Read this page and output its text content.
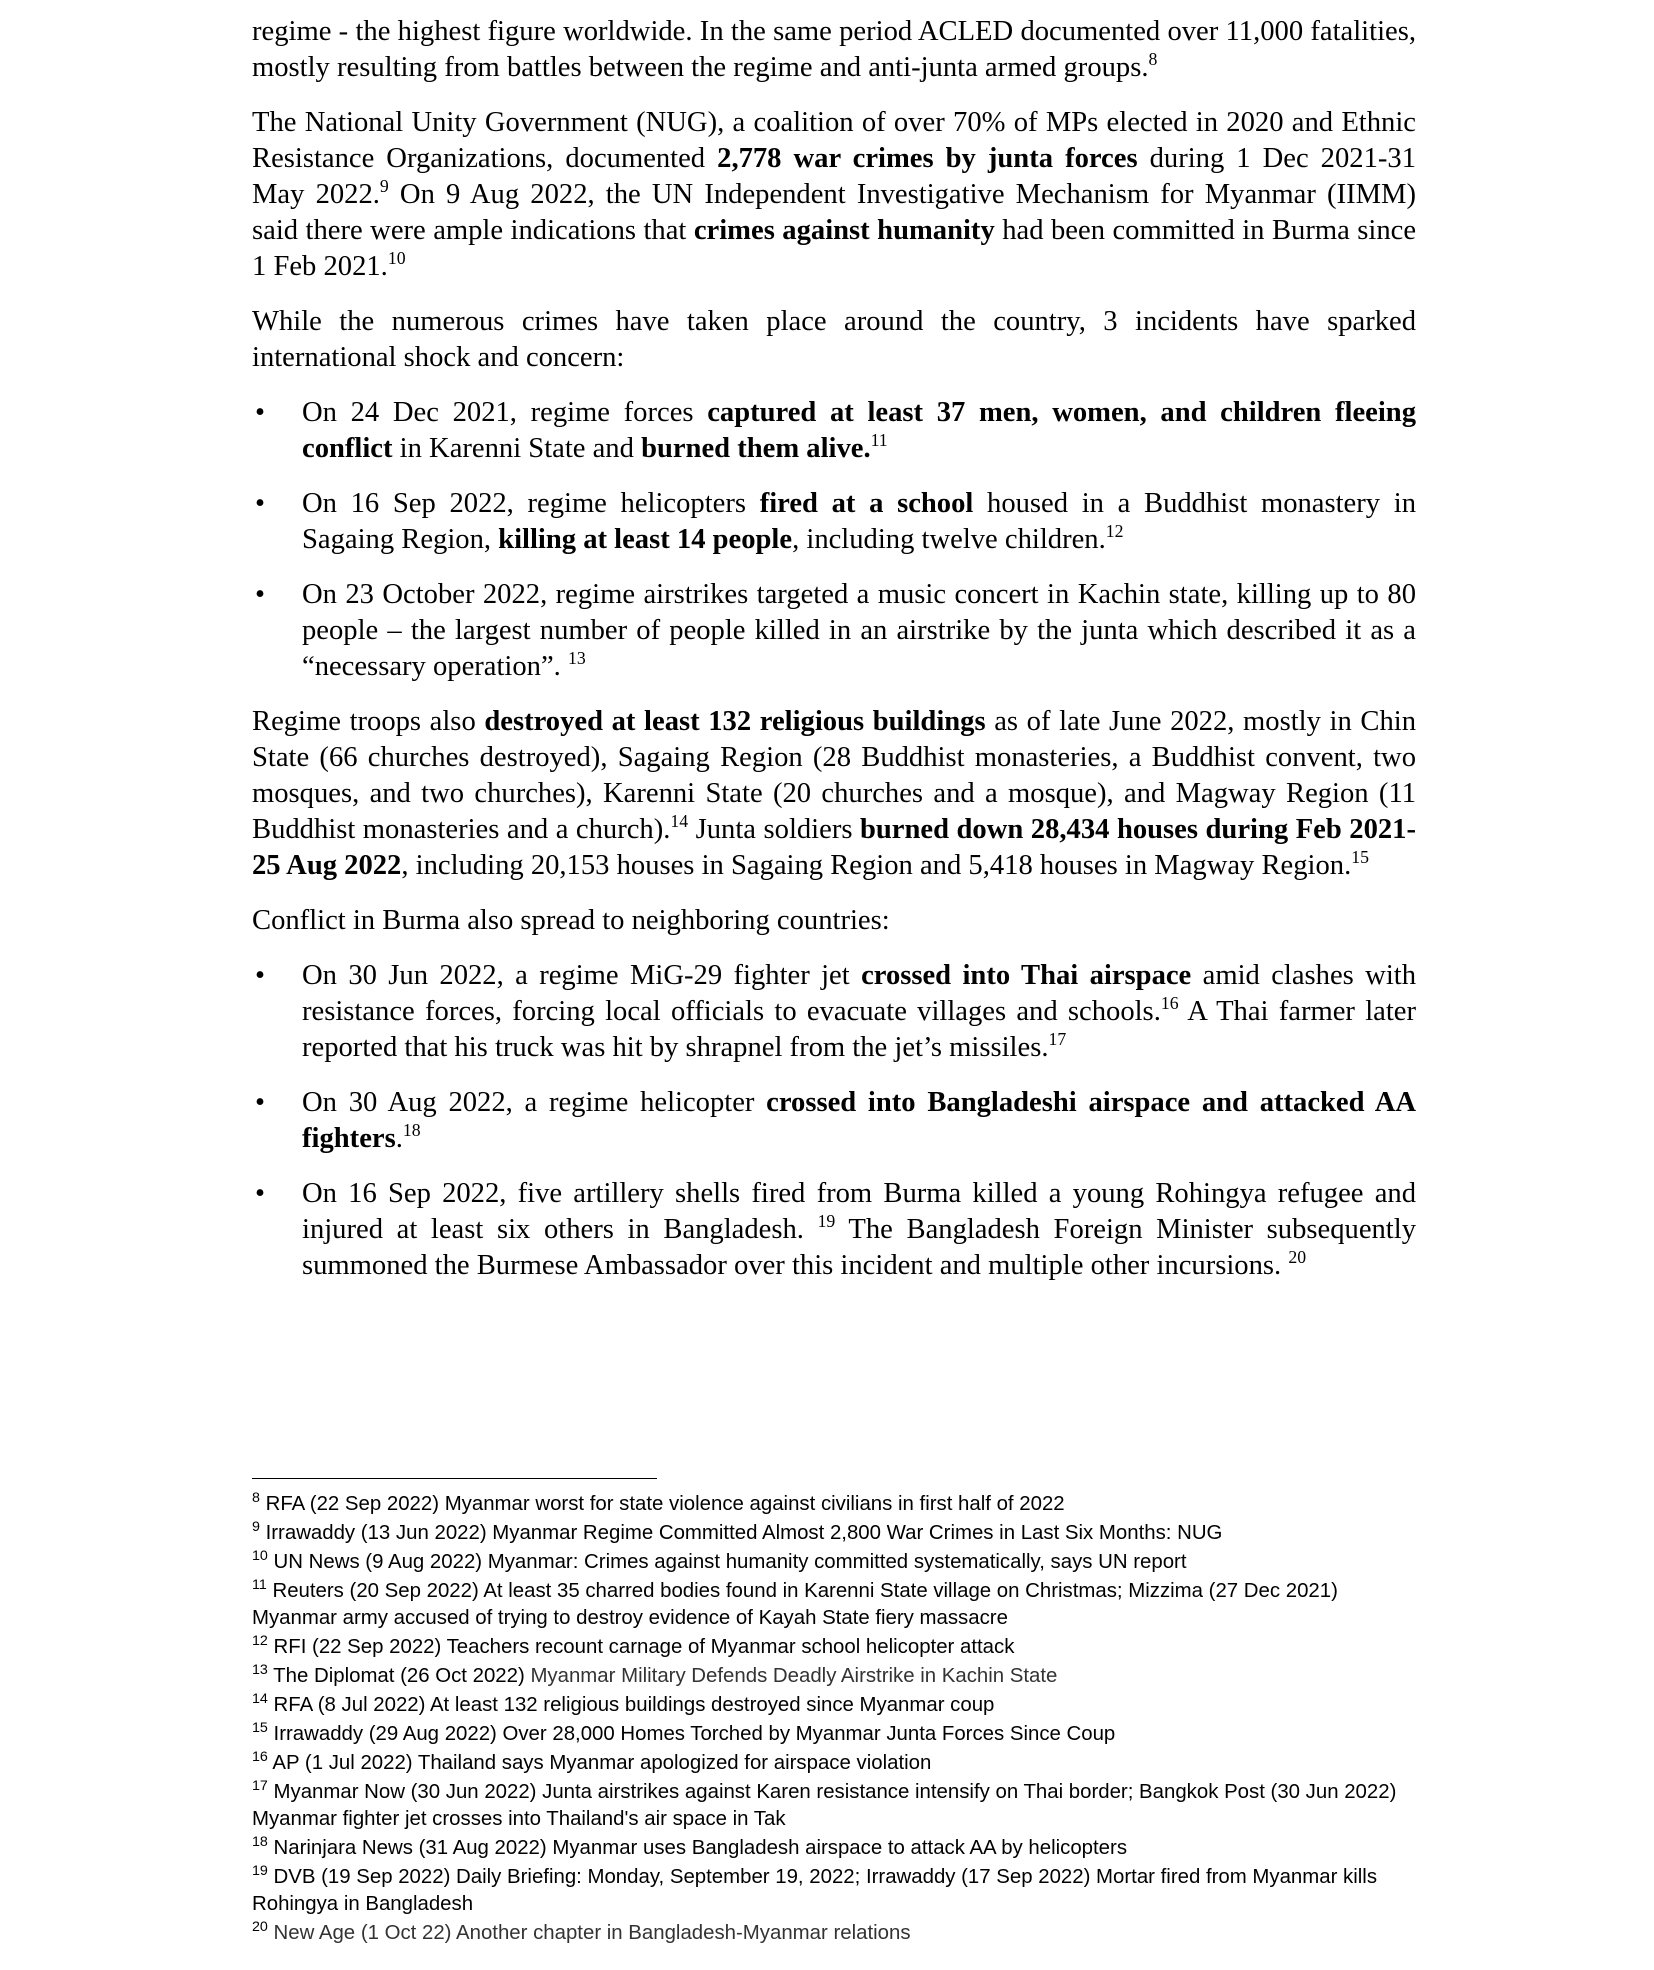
regime - the highest figure worldwide. In the same period ACLED documented over 11,000 fatalities, mostly resulting from battles between the regime and anti-junta armed groups.$^8$

The National Unity Government (NUG), a coalition of over 70% of MPs elected in 2020 and Ethnic Resistance Organizations, documented 2,778 war crimes by junta forces during 1 Dec 2021-31 May 2022.$^9$ On 9 Aug 2022, the UN Independent Investigative Mechanism for Myanmar (IIMM) said there were ample indications that crimes against humanity had been committed in Burma since 1 Feb 2021.10

While the numerous crimes have taken place around the country, 3 incidents have sparked international shock and concern:

• On 24 Dec 2021, regime forces captured at least 37 men, women, and children fleeing conflict in Karenni State and burned them alive.$^{11}$
• On 16 Sep 2022, regime helicopters fired at a school housed in a Buddhist monastery in Sagaing Region, killing at least 14 people, including twelve children.$^{12}$
• On 23 October 2022, regime airstrikes targeted a music concert in Kachin state, killing up to 80 people – the largest number of people killed in an airstrike by the junta which described it as a “necessary operation”. $^{13}$

Regime troops also destroyed at least 132 religious buildings as of late June 2022, mostly in Chin State (66 churches destroyed), Sagaing Region (28 Buddhist monasteries, a Buddhist convent, two mosques, and two churches), Karenni State (20 churches and a mosque), and Magway Region (11 Buddhist monasteries and a church).$^{14}$ Junta soldiers burned down 28,434 houses during Feb 2021-25 Aug 2022, including 20,153 houses in Sagaing Region and 5,418 houses in Magway Region.$^{15}$

Conflict in Burma also spread to neighboring countries:

• On 30 Jun 2022, a regime MiG-29 fighter jet crossed into Thai airspace amid clashes with resistance forces, forcing local officials to evacuate villages and schools.$^{16}$ A Thai farmer later reported that his truck was hit by shrapnel from the jet’s missiles.$^{17}$
• On 30 Aug 2022, a regime helicopter crossed into Bangladeshi airspace and attacked AA fighters.$^{18}$
• On 16 Sep 2022, five artillery shells fired from Burma killed a young Rohingya refugee and injured at least six others in Bangladesh. $^{19}$ The Bangladesh Foreign Minister subsequently summoned the Burmese Ambassador over this incident and multiple other incursions. $^{20}$
$^8$ RFA (22 Sep 2022) Myanmar worst for state violence against civilians in first half of 2022
$^9$ Irrawaddy (13 Jun 2022) Myanmar Regime Committed Almost 2,800 War Crimes in Last Six Months: NUG
$^{10}$ UN News (9 Aug 2022) Myanmar: Crimes against humanity committed systematically, says UN report
$^{11}$ Reuters (20 Sep 2022) At least 35 charred bodies found in Karenni State village on Christmas; Mizzima (27 Dec 2021) Myanmar army accused of trying to destroy evidence of Kayah State fiery massacre
$^{12}$ RFI (22 Sep 2022) Teachers recount carnage of Myanmar school helicopter attack
$^{13}$ The Diplomat (26 Oct 2022) Myanmar Military Defends Deadly Airstrike in Kachin State
$^{14}$ RFA (8 Jul 2022) At least 132 religious buildings destroyed since Myanmar coup
$^{15}$ Irrawaddy (29 Aug 2022) Over 28,000 Homes Torched by Myanmar Junta Forces Since Coup
$^{16}$ AP (1 Jul 2022) Thailand says Myanmar apologized for airspace violation
$^{17}$ Myanmar Now (30 Jun 2022) Junta airstrikes against Karen resistance intensify on Thai border; Bangkok Post (30 Jun 2022) Myanmar fighter jet crosses into Thailand's air space in Tak
$^{18}$ Narinjara News (31 Aug 2022) Myanmar uses Bangladesh airspace to attack AA by helicopters
$^{19}$ DVB (19 Sep 2022) Daily Briefing: Monday, September 19, 2022; Irrawaddy (17 Sep 2022) Mortar fired from Myanmar kills Rohingya in Bangladesh
$^{20}$ New Age (1 Oct 22) Another chapter in Bangladesh-Myanmar relations
